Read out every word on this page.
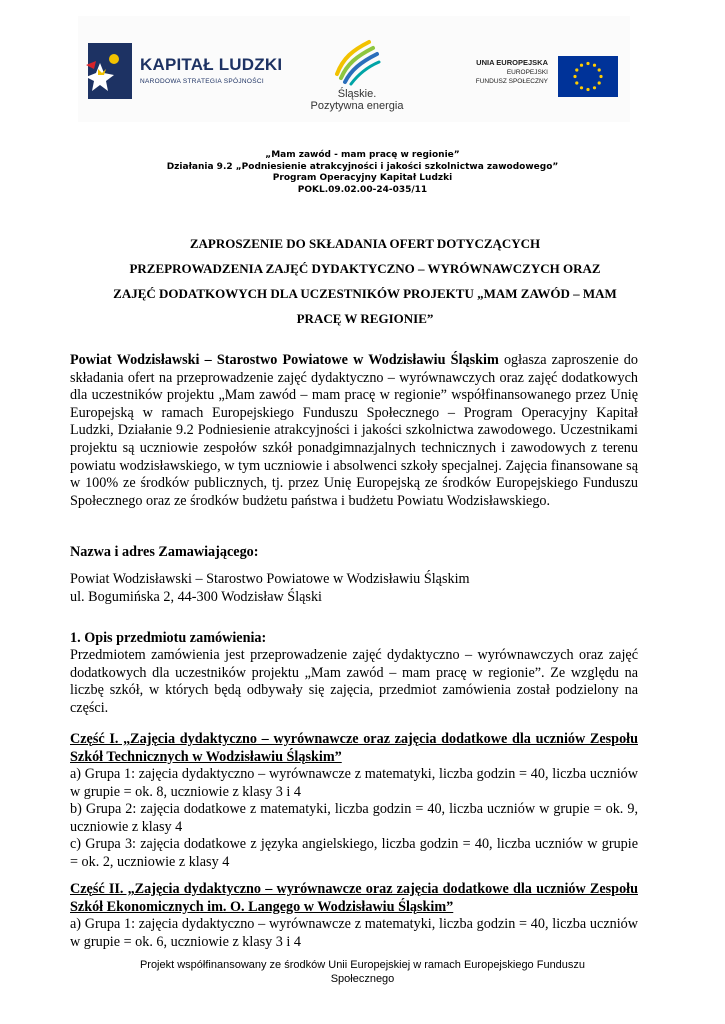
KAPITAŁ LUDZKI
NARODOWA STRATEGIA SPÓJNOŚCI
Śląskie.
Pozytywna energia
UNIA EUROPEJSKA
EUROPEJSKI
FUNDUSZ SPOŁECZNY
„Mam zawód - mam pracę w regionie”
Działania 9.2 „Podniesienie atrakcyjności i jakości szkolnictwa zawodowego”
Program Operacyjny Kapitał Ludzki
POKL.09.02.00-24-035/11
ZAPROSZENIE DO SKŁADANIA OFERT DOTYCZĄCYCH
PRZEPROWADZENIA ZAJĘĆ DYDAKTYCZNO – WYRÓWNAWCZYCH ORAZ
ZAJĘĆ DODATKOWYCH DLA UCZESTNIKÓW PROJEKTU „MAM ZAWÓD – MAM
PRACĘ W REGIONIE”

Powiat Wodzisławski – Starostwo Powiatowe w Wodzisławiu Śląskim ogłasza zaproszenie do składania ofert na przeprowadzenie zajęć dydaktyczno – wyrównawczych oraz zajęć dodatkowych dla uczestników projektu „Mam zawód – mam pracę w regionie” współfinansowanego przez Unię Europejską w ramach Europejskiego Funduszu Społecznego – Program Operacyjny Kapitał Ludzki, Działanie 9.2 Podniesienie atrakcyjności i jakości szkolnictwa zawodowego. Uczestnikami projektu są uczniowie zespołów szkół ponadgimnazjalnych technicznych i zawodowych z terenu powiatu wodzisławskiego, w tym uczniowie i absolwenci szkoły specjalnej. Zajęcia finansowane są w 100% ze środków publicznych, tj. przez Unię Europejską ze środków Europejskiego Funduszu Społecznego oraz ze środków budżetu państwa i budżetu Powiatu Wodzisławskiego.

Nazwa i adres Zamawiającego:

Powiat Wodzisławski – Starostwo Powiatowe w Wodzisławiu Śląskim

ul. Bogumińska 2, 44-300 Wodzisław Śląski

1. Opis przedmiotu zamówienia:

Przedmiotem zamówienia jest przeprowadzenie zajęć dydaktyczno – wyrównawczych oraz zajęć dodatkowych dla uczestników projektu „Mam zawód – mam pracę w regionie”. Ze względu na liczbę szkół, w których będą odbywały się zajęcia, przedmiot zamówienia został podzielony na części.

Część I. „Zajęcia dydaktyczno – wyrównawcze oraz zajęcia dodatkowe dla uczniów Zespołu Szkół Technicznych w Wodzisławiu Śląskim”

a) Grupa 1: zajęcia dydaktyczno – wyrównawcze z matematyki, liczba godzin = 40, liczba uczniów w grupie = ok. 8, uczniowie z klasy 3 i 4

b) Grupa 2: zajęcia dodatkowe z matematyki, liczba godzin = 40, liczba uczniów w grupie = ok. 9, uczniowie z klasy 4

c) Grupa 3: zajęcia dodatkowe z języka angielskiego, liczba godzin = 40, liczba uczniów w grupie = ok. 2, uczniowie z klasy 4

Część II. „Zajęcia dydaktyczno – wyrównawcze oraz zajęcia dodatkowe dla uczniów Zespołu Szkół Ekonomicznych im. O. Langego w Wodzisławiu Śląskim”

a) Grupa 1: zajęcia dydaktyczno – wyrównawcze z matematyki, liczba godzin = 40, liczba uczniów w grupie = ok. 6, uczniowie z klasy 3 i 4

Projekt współfinansowany ze środków Unii Europejskiej w ramach Europejskiego Funduszu
Społecznego
